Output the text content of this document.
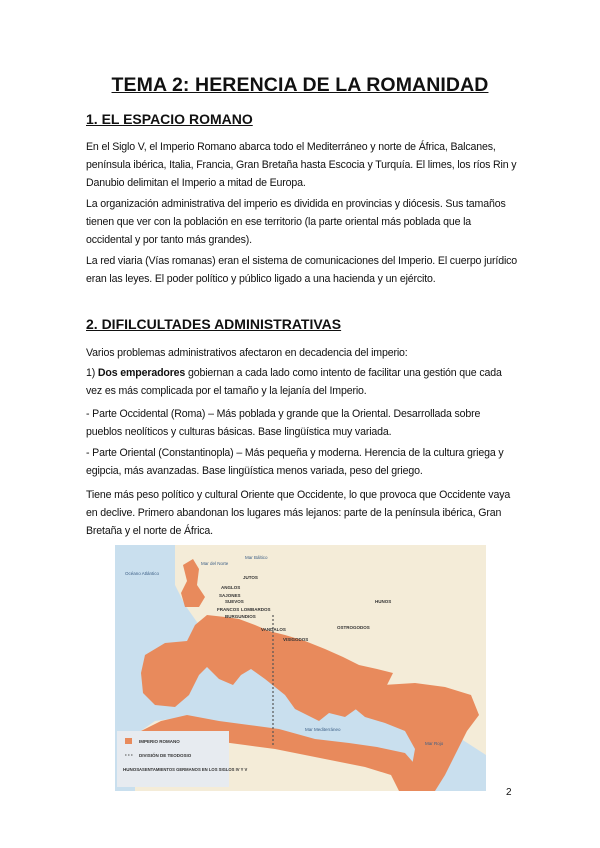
TEMA 2: HERENCIA DE LA ROMANIDAD
1. EL ESPACIO ROMANO

En el Siglo V, el Imperio Romano abarca todo el Mediterráneo y norte de África, Balcanes, península ibérica, Italia, Francia, Gran Bretaña hasta Escocia y Turquía. El limes, los ríos Rin y Danubio delimitan el Imperio a mitad de Europa.

La organización administrativa del imperio es dividida en provincias y diócesis. Sus tamaños tienen que ver con la población en ese territorio (la parte oriental más poblada que la occidental y por tanto más grandes).

La red viaria (Vías romanas) eran el sistema de comunicaciones del Imperio. El cuerpo jurídico eran las leyes. El poder político y público ligado a una hacienda y un ejército.

2. DIFILCULTADES ADMINISTRATIVAS

Varios problemas administrativos afectaron en decadencia del imperio:

1) Dos emperadores gobiernan a cada lado como intento de facilitar una gestión que cada vez es más complicada por el tamaño y la lejanía del Imperio.

- Parte Occidental (Roma) – Más poblada y grande que la Oriental. Desarrollada sobre pueblos neolíticos y culturas básicas. Base lingüística muy variada.

- Parte Oriental (Constantinopla) – Más pequeña y moderna. Herencia de la cultura griega y egipcia, más avanzadas. Base lingüística menos variada, peso del griego.

Tiene más peso político y cultural Oriente que Occidente, lo que provoca que Occidente vaya en declive. Primero abandonan los lugares más lejanos: parte de la península ibérica, Gran Bretaña y el norte de África.

Océano Atlántico
Mar del Norte
Mar Báltico
ANGLOS
JUTOS
SAJONES
SUEVOS
FRANCOS LOMBARDOS
BURGUNDIOS
VANDALOS
VISIGODOS
OSTROGODOS
HUNOS
Mar Mediterráneo
Mar Rojo
IMPERIO ROMANO
DIVISIÓN DE TEODOSIO
HUNOS ASENTAMIENTOS GERMANOS EN LOS SIGLOS IV Y V
2
